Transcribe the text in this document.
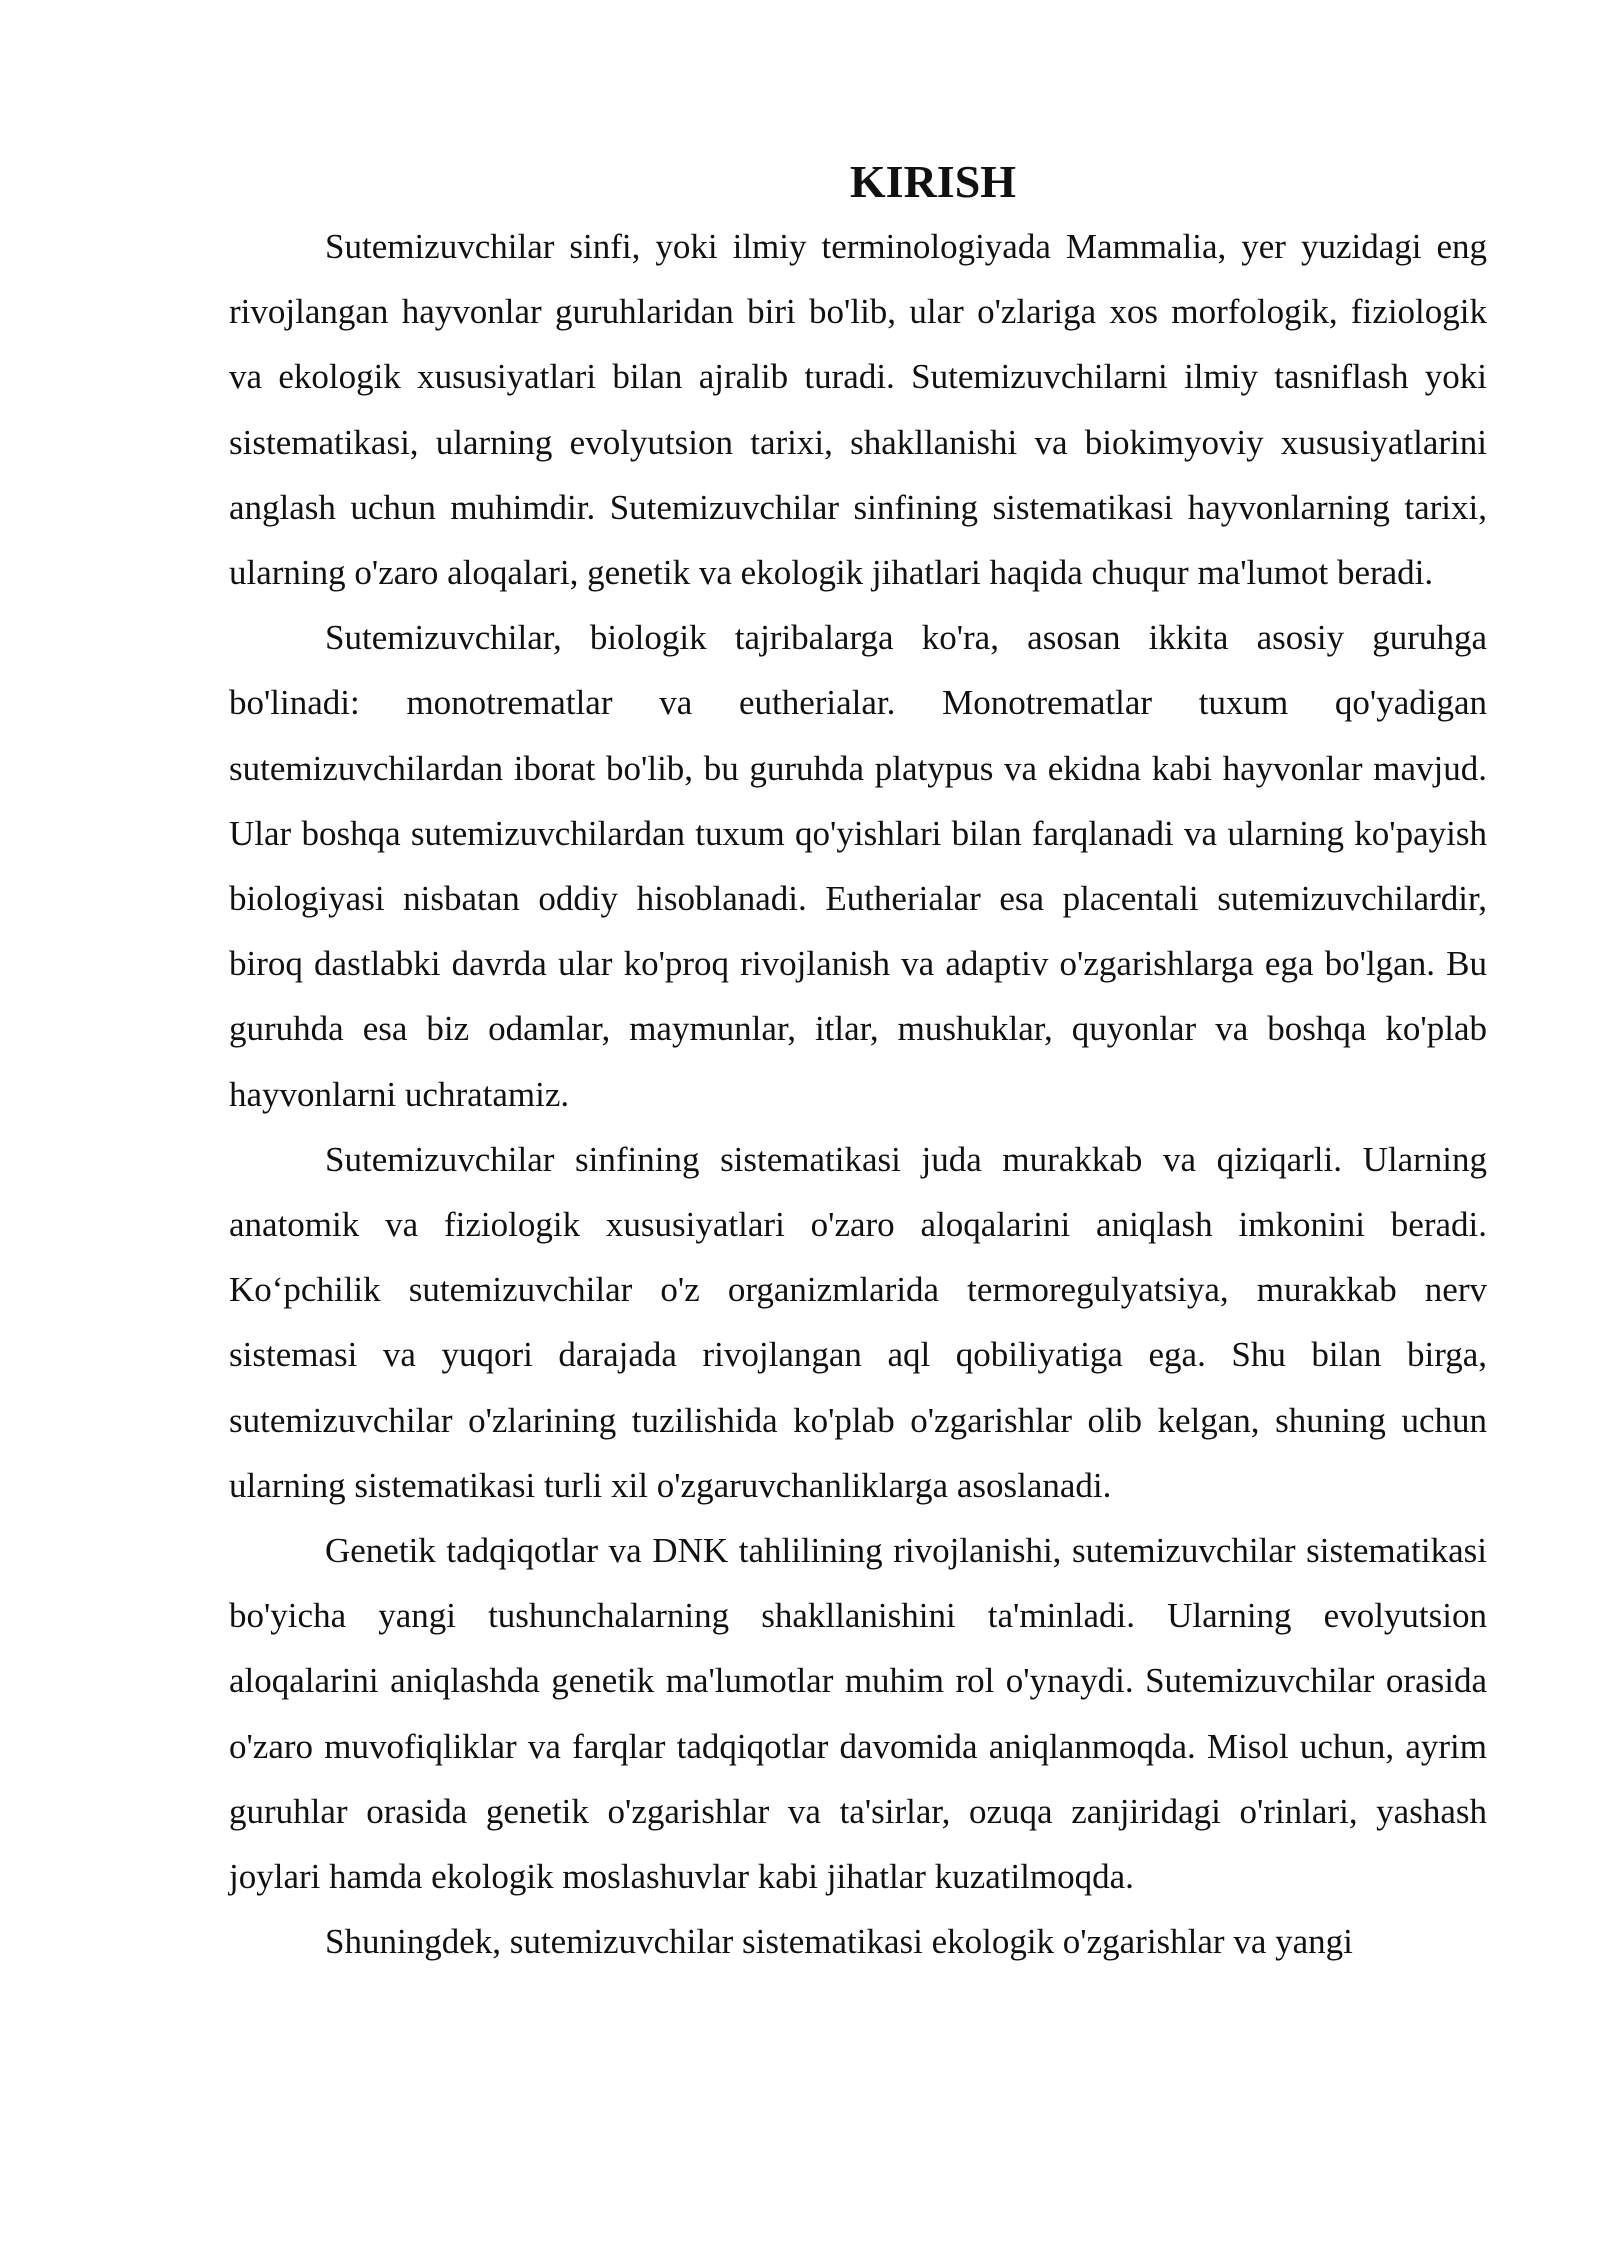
KIRISH

Sutemizuvchilar sinfi, yoki ilmiy terminologiyada Mammalia, yer yuzidagi eng rivojlangan hayvonlar guruhlaridan biri bo'lib, ular o'zlariga xos morfologik, fiziologik va ekologik xususiyatlari bilan ajralib turadi. Sutemizuvchilarni ilmiy tasniflash yoki sistematikasi, ularning evolyutsion tarixi, shakllanishi va biokimyoviy xususiyatlarini anglash uchun muhimdir. Sutemizuvchilar sinfining sistematikasi hayvonlarning tarixi, ularning o'zaro aloqalari, genetik va ekologik jihatlari haqida chuqur ma'lumot beradi.

Sutemizuvchilar, biologik tajribalarga ko'ra, asosan ikkita asosiy guruhga bo'linadi: monotrematlar va eutherialar. Monotrematlar tuxum qo'yadigan sutemizuvchilardan iborat bo'lib, bu guruhda platypus va ekidna kabi hayvonlar mavjud. Ular boshqa sutemizuvchilardan tuxum qo'yishlari bilan farqlanadi va ularning ko'payish biologiyasi nisbatan oddiy hisoblanadi. Eutherialar esa placentali sutemizuvchilardir, biroq dastlabki davrda ular ko'proq rivojlanish va adaptiv o'zgarishlarga ega bo'lgan. Bu guruhda esa biz odamlar, maymunlar, itlar, mushuklar, quyonlar va boshqa ko'plab hayvonlarni uchratamiz.

Sutemizuvchilar sinfining sistematikasi juda murakkab va qiziqarli. Ularning anatomik va fiziologik xususiyatlari o'zaro aloqalarini aniqlash imkonini beradi. Ko‘pchilik sutemizuvchilar o'z organizmlarida termoregulyatsiya, murakkab nerv sistemasi va yuqori darajada rivojlangan aql qobiliyatiga ega. Shu bilan birga, sutemizuvchilar o'zlarining tuzilishida ko'plab o'zgarishlar olib kelgan, shuning uchun ularning sistematikasi turli xil o'zgaruvchanliklarga asoslanadi.

Genetik tadqiqotlar va DNK tahlilining rivojlanishi, sutemizuvchilar sistematikasi bo'yicha yangi tushunchalarning shakllanishini ta'minladi. Ularning evolyutsion aloqalarini aniqlashda genetik ma'lumotlar muhim rol o'ynaydi. Sutemizuvchilar orasida o'zaro muvofiqliklar va farqlar tadqiqotlar davomida aniqlanmoqda. Misol uchun, ayrim guruhlar orasida genetik o'zgarishlar va ta'sirlar, ozuqa zanjiridagi o'rinlari, yashash joylari hamda ekologik moslashuvlar kabi jihatlar kuzatilmoqda.

Shuningdek, sutemizuvchilar sistematikasi ekologik o'zgarishlar va yangi
